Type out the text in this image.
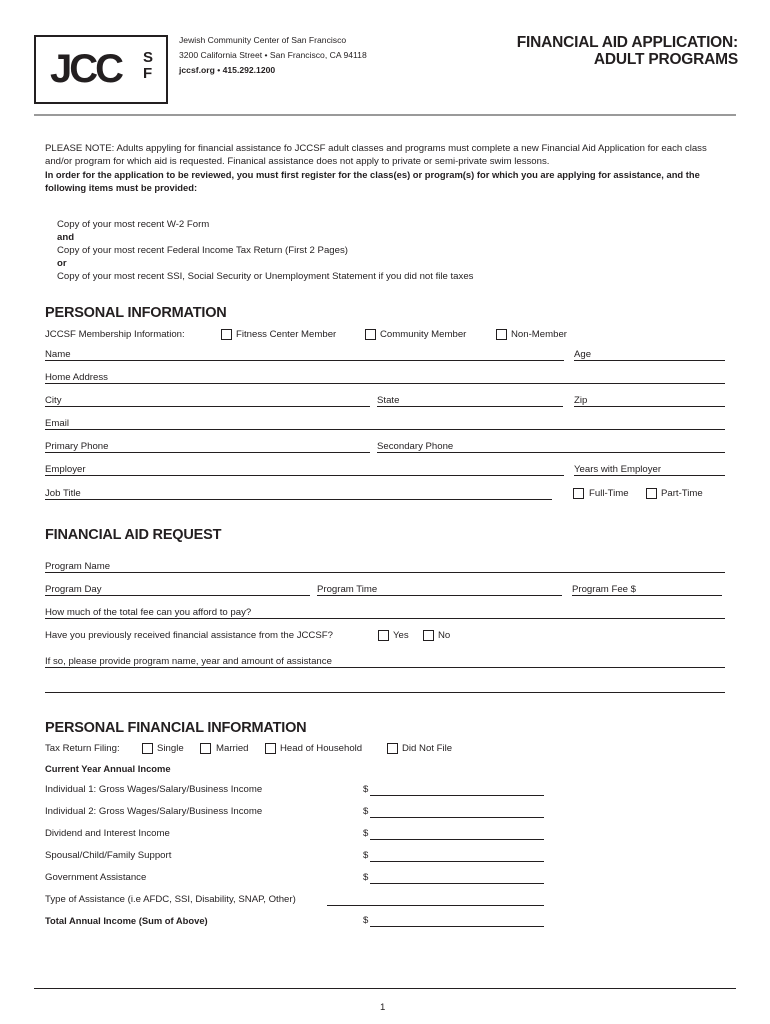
JCC S
F
Jewish Community Center of San Francisco
3200 California Street • San Francisco, CA 94118
jccsf.org • 415.292.1200
FINANCIAL AID APPLICATION:
ADULT PROGRAMS

PLEASE NOTE: Adults appyling for financial assistance fo JCCSF adult classes and programs must complete a new Financial Aid Application for each class and/or program for which aid is requested. Finanical assistance does not apply to private or semi-private swim lessons.

In order for the application to be reviewed, you must first register for the class(es) or program(s) for which you are applying for assistance, and the following items must be provided:

Copy of your most recent W-2 Form
and
Copy of your most recent Federal Income Tax Return (First 2 Pages)
or
Copy of your most recent SSI, Social Security or Unemployment Statement if you did not file taxes
PERSONAL INFORMATION
JCCSF Membership Information:	Fitness Center Member	Community Member	Non-Member
Name	Age
Home Address
City	State	Zip
Email
Primary Phone	Secondary Phone
Employer	Years with Employer
Job Title	Full-Time	Part-Time
FINANCIAL AID REQUEST
Program Name
Program Day	Program Time	Program Fee $
How much of the total fee can you afford to pay?
Have you previously received financial assistance from the JCCSF?	Yes	No
If so, please provide program name, year and amount of assistance
PERSONAL FINANCIAL INFORMATION
Tax Return Filing:	Single	Married	Head of Household	Did Not File
Current Year Annual Income
Individual 1: Gross Wages/Salary/Business Income	$
Individual 2: Gross Wages/Salary/Business Income	$
Dividend and Interest Income	$
Spousal/Child/Family Support	$
Government Assistance	$
Type of Assistance (i.e AFDC, SSI, Disability, SNAP, Other)
Total Annual Income (Sum of Above)	$
1
